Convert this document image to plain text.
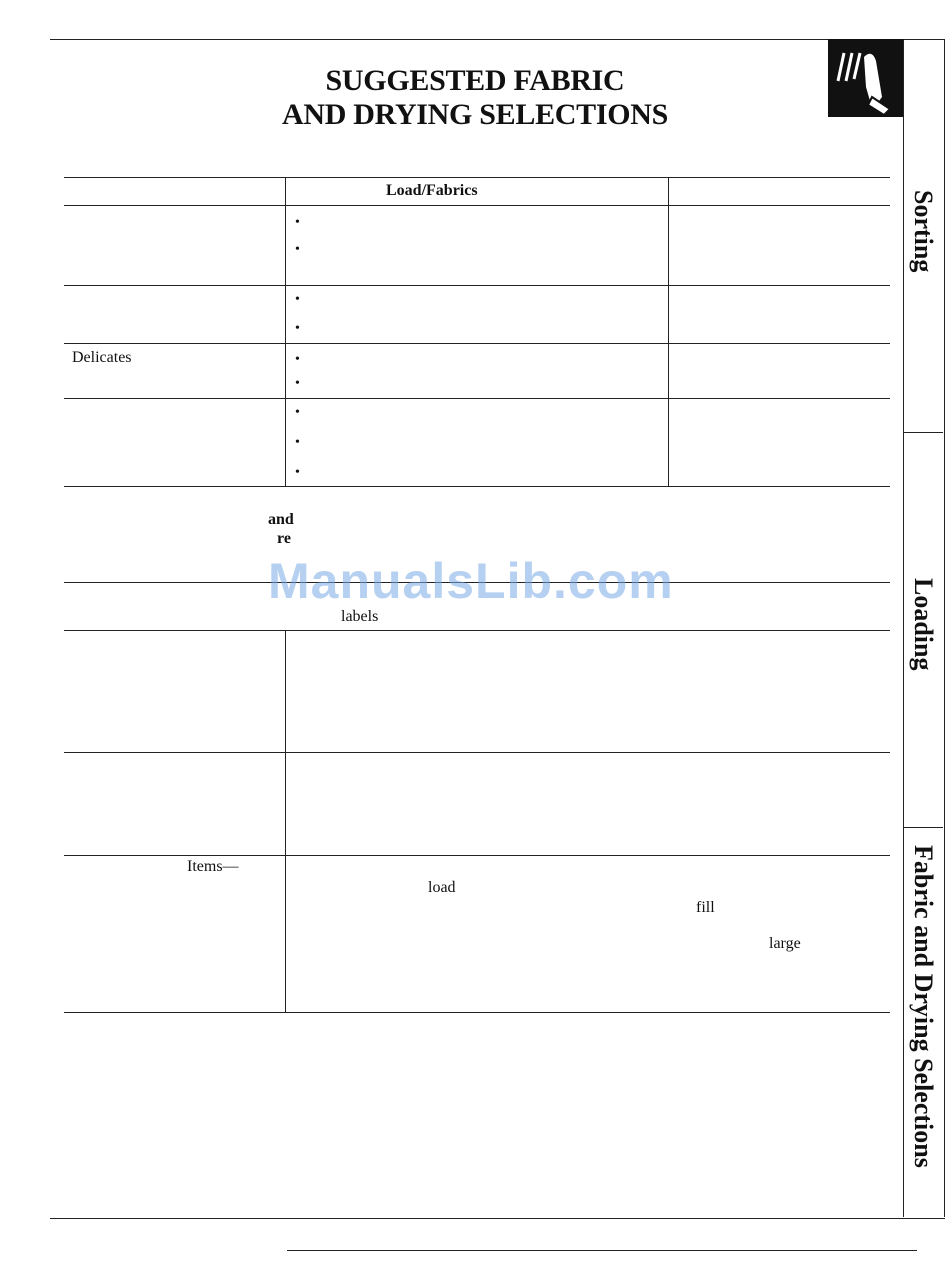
SUGGESTED FABRIC
AND DRYING SELECTIONS
Load/Fabrics
Delicates
•
•
•
•
•
•
•
•
•
and
re
labels
Items—
load
fill
large
ManualsLib.com
Sorting
Loading
Fabric and Drying Selections
